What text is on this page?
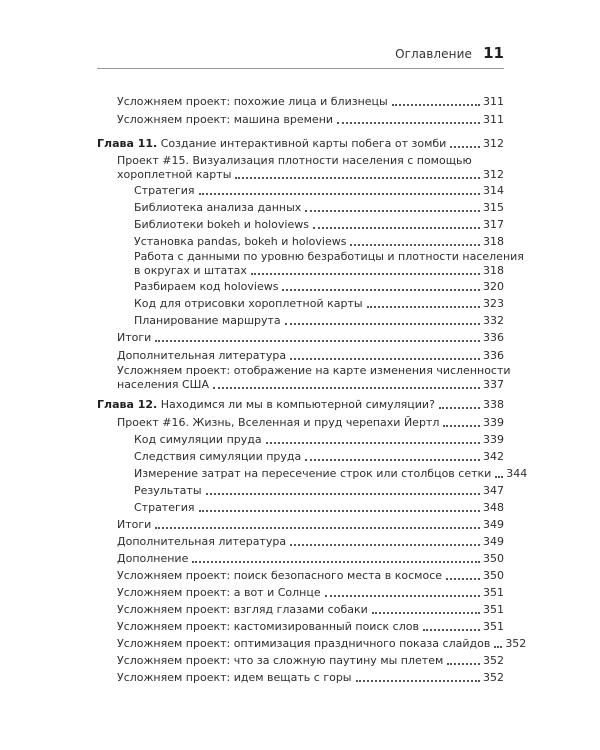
Оглавление 11
Усложняем проект: похожие лица и близнецы	311
Усложняем проект: машина времени	311
Глава 11. Создание интерактивной карты побега от зомби	312
Проект #15. Визуализация плотности населения с помощью
хороплетной карты	312
Стратегия	314
Библиотека анализа данных	315
Библиотеки bokeh и holoviews	317
Установка pandas, bokeh и holoviews	318
Работа с данными по уровню безработицы и плотности населения
в округах и штатах	318
Разбираем код holoviews	320
Код для отрисовки хороплетной карты	323
Планирование маршрута	332
Итоги	336
Дополнительная литература	336
Усложняем проект: отображение на карте изменения численности
населения США	337
Глава 12. Находимся ли мы в компьютерной симуляции?	338
Проект #16. Жизнь, Вселенная и пруд черепахи Йертл	339
Код симуляции пруда	339
Следствия симуляции пруда	342
Измерение затрат на пересечение строк или столбцов сетки 344
Результаты	347
Стратегия	348
Итоги	349
Дополнительная литература	349
Дополнение	350
Усложняем проект: поиск безопасного места в космосе	350
Усложняем проект: а вот и Солнце	351
Усложняем проект: взгляд глазами собаки	351
Усложняем проект: кастомизированный поиск слов	351
Усложняем проект: оптимизация праздничного показа слайдов 352
Усложняем проект: что за сложную паутину мы плетем	352
Усложняем проект: идем вещать с горы	352
